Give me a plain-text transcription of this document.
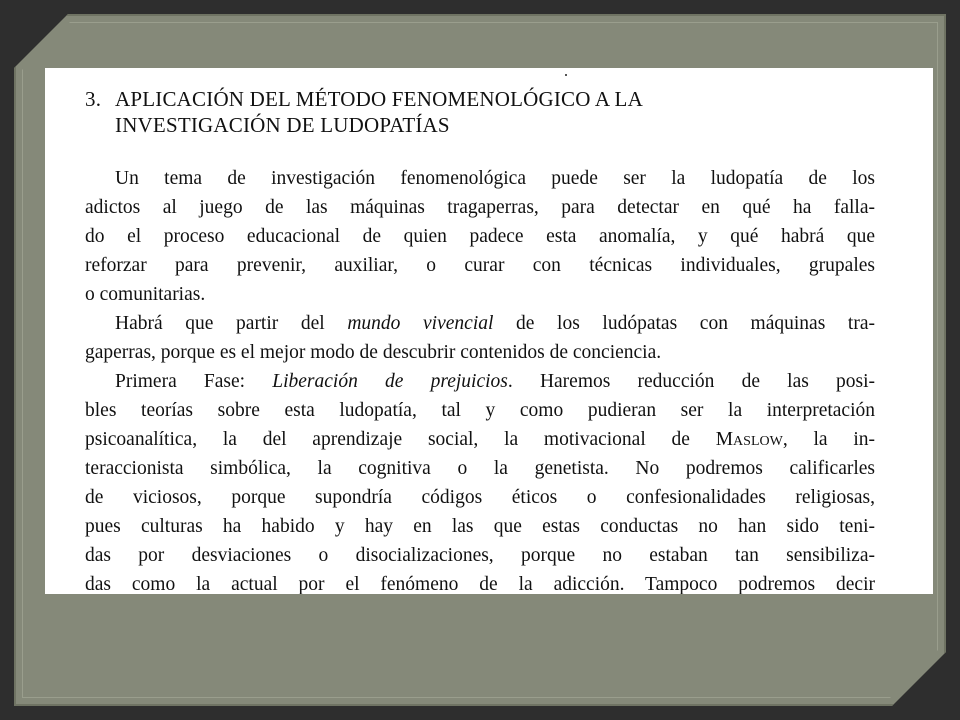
3. APLICACIÓN DEL MÉTODO FENOMENOLÓGICO A LA
INVESTIGACIÓN DE LUDOPATÍAS
Un tema de investigación fenomenológica puede ser la ludopatía de los
adictos al juego de las máquinas tragaperras, para detectar en qué ha falla-
do el proceso educacional de quien padece esta anomalía, y qué habrá que
reforzar para prevenir, auxiliar, o curar con técnicas individuales, grupales
o comunitarias.
Habrá que partir del mundo vivencial de los ludópatas con máquinas tra-
gaperras, porque es el mejor modo de descubrir contenidos de conciencia.
Primera Fase: Liberación de prejuicios. Haremos reducción de las posi-
bles teorías sobre esta ludopatía, tal y como pudieran ser la interpretación
psicoanalítica, la del aprendizaje social, la motivacional de Maslow, la in-
teraccionista simbólica, la cognitiva o la genetista. No podremos calificarles
de viciosos, porque supondría códigos éticos o confesionalidades religiosas,
pues culturas ha habido y hay en las que estas conductas no han sido teni-
das por desviaciones o disocializaciones, porque no estaban tan sensibiliza-
das como la actual por el fenómeno de la adicción. Tampoco podremos decir
